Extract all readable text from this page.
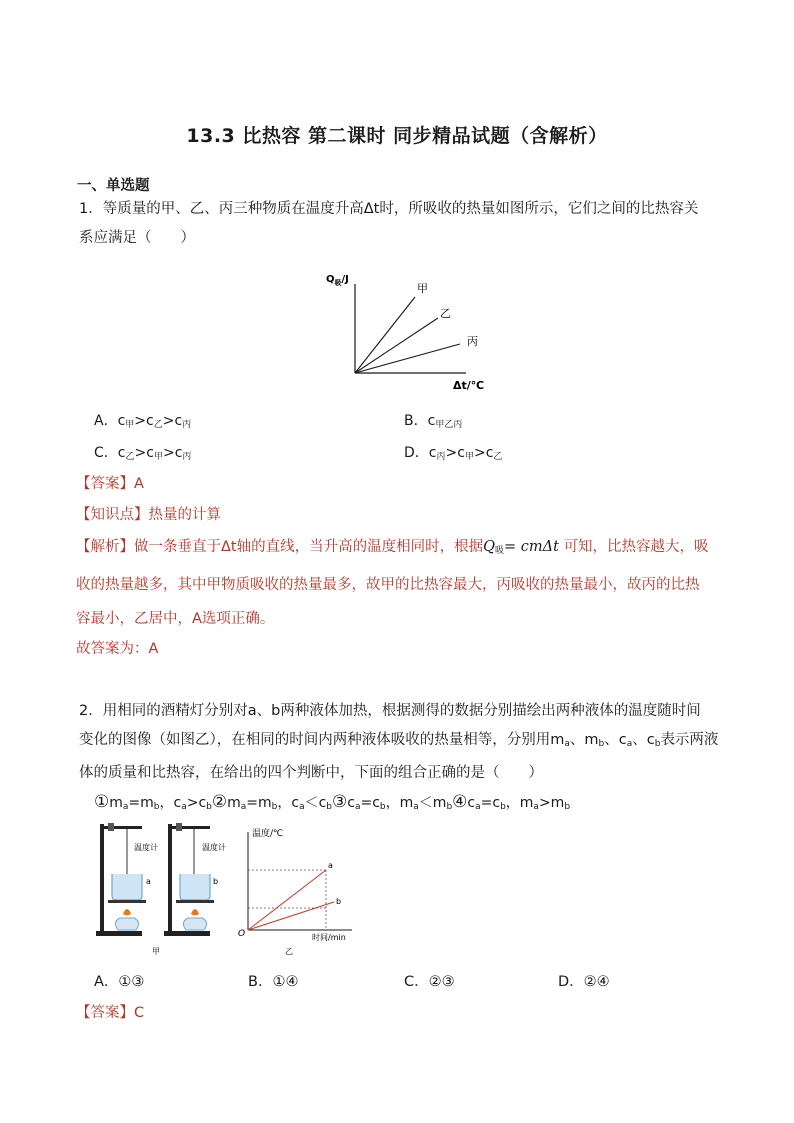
13.3 比热容 第二课时 同步精品试题（含解析）
一、单选题
1．等质量的甲、乙、丙三种物质在温度升高Δt时，所吸收的热量如图所示，它们之间的比热容关
系应满足（　　）
$Q_吸/J$
甲
乙
丙
Δt/℃
A．$c_甲>c_乙>c_丙$	B．$c_{甲乙丙}$
C．$c_乙>c_甲>c_丙$	D．$c_丙>c_甲>c_乙$
【答案】A
【知识点】热量的计算
【解析】做一条垂直于Δt轴的直线，当升高的温度相同时，根据$Q_吸= cm\Delta t$ 可知，比热容越大，吸
收的热量越多，其中甲物质吸收的热量最多，故甲的比热容最大，丙吸收的热量最小，故丙的比热
容最小，乙居中，A选项正确。
故答案为：A
2．用相同的酒精灯分别对a、b两种液体加热，根据测得的数据分别描绘出两种液体的温度随时间
变化的图像（如图乙），在相同的时间内两种液体吸收的热量相等，分别用$m_a$、$m_b$、$c_a$、$c_b$表示两液
体的质量和比热容，在给出的四个判断中，下面的组合正确的是（　　）
$①m_a=m_b$，$c_a>c_b②m_a=m_b$，$c_a<c_b③c_a=c_b$，$m_a<m_b④c_a=c_b$，$m_a>m_b$
温度计
a
甲
温度计
b
温度/℃
时间/min
O
a
b
乙
A．①③	B．①④	C．②③	D．②④
【答案】C
